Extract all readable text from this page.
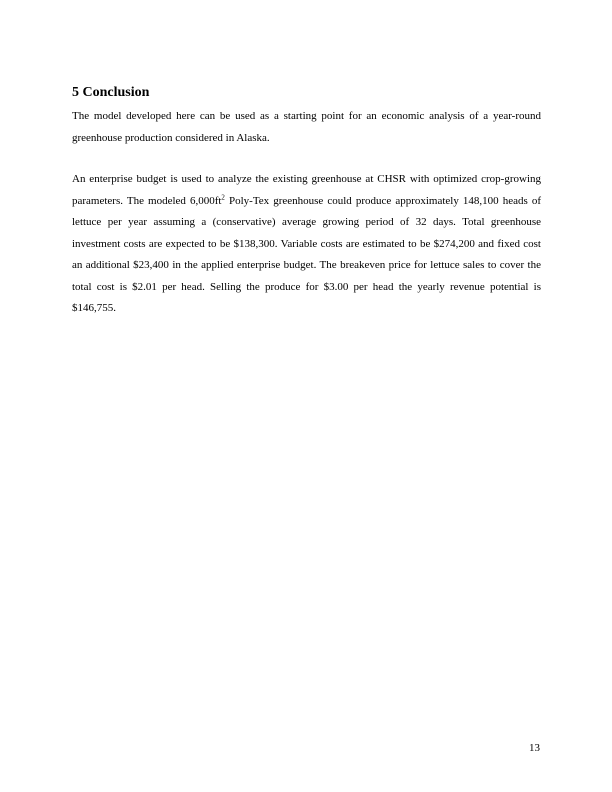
5 Conclusion

The model developed here can be used as a starting point for an economic analysis of a year-round greenhouse production considered in Alaska.

An enterprise budget is used to analyze the existing greenhouse at CHSR with optimized crop-growing parameters. The modeled $6,000ft^2$ Poly-Tex greenhouse could produce approximately 148,100 heads of lettuce per year assuming a (conservative) average growing period of 32 days. Total greenhouse investment costs are expected to be $138,300. Variable costs are estimated to be $274,200 and fixed cost an additional $23,400 in the applied enterprise budget. The breakeven price for lettuce sales to cover the total cost is $2.01 per head. Selling the produce for $3.00 per head the yearly revenue potential is $146,755.

13
